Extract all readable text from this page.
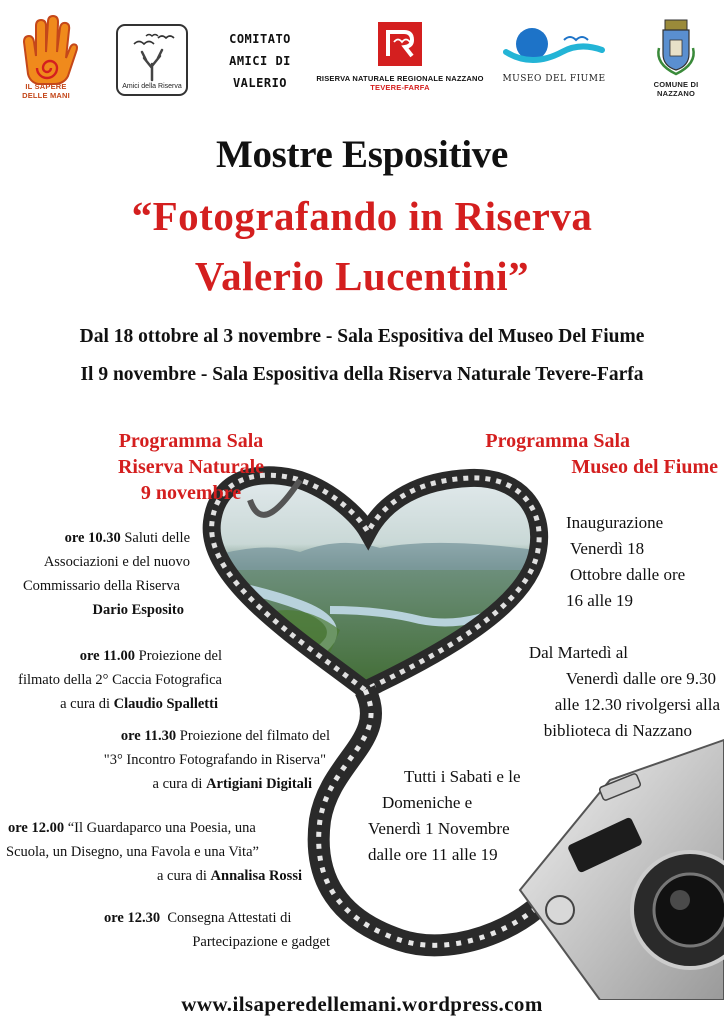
IL SAPERE
DELLE MANI
Amici della Riserva
COMITATO
AMICI DI
VALERIO	RISERVA NATURALE REGIONALE NAZZANO
TEVERE-FARFA
MUSEO DEL FIUME
COMUNE DI
NAZZANO
Mostre Espositive
“Fotografando in Riserva
Valerio Lucentini”
Dal 18 ottobre al 3 novembre - Sala Espositiva del Museo Del Fiume
Il 9 novembre - Sala Espositiva della Riserva Naturale Tevere-Farfa
Programma Sala
Riserva Naturale
9 novembre
ore 10.30 Saluti delle
Associazioni e del nuovo
Commissario della Riserva
Dario Esposito
ore 11.00 Proiezione del
filmato della 2° Caccia Fotografica
a cura di Claudio Spalletti
ore 11.30 Proiezione del filmato del
"3° Incontro Fotografando in Riserva"
a cura di Artigiani Digitali
ore 12.00 “Il Guardaparco una Poesia, una
Scuola, un Disegno, una Favola e una Vita”
a cura di Annalisa Rossi
ore 12.30 Consegna Attestati di
Partecipazione e gadget
Programma Sala
Museo del Fiume
Inaugurazione
Venerdì 18
Ottobre dalle ore
16 alle 19
Dal Martedì al
Venerdì dalle ore 9.30
alle 12.30 rivolgersi alla
biblioteca di Nazzano
Tutti i Sabati e le
Domeniche e
Venerdì 1 Novembre
dalle ore 11 alle 19
www.ilsaperedellemani.wordpress.com
